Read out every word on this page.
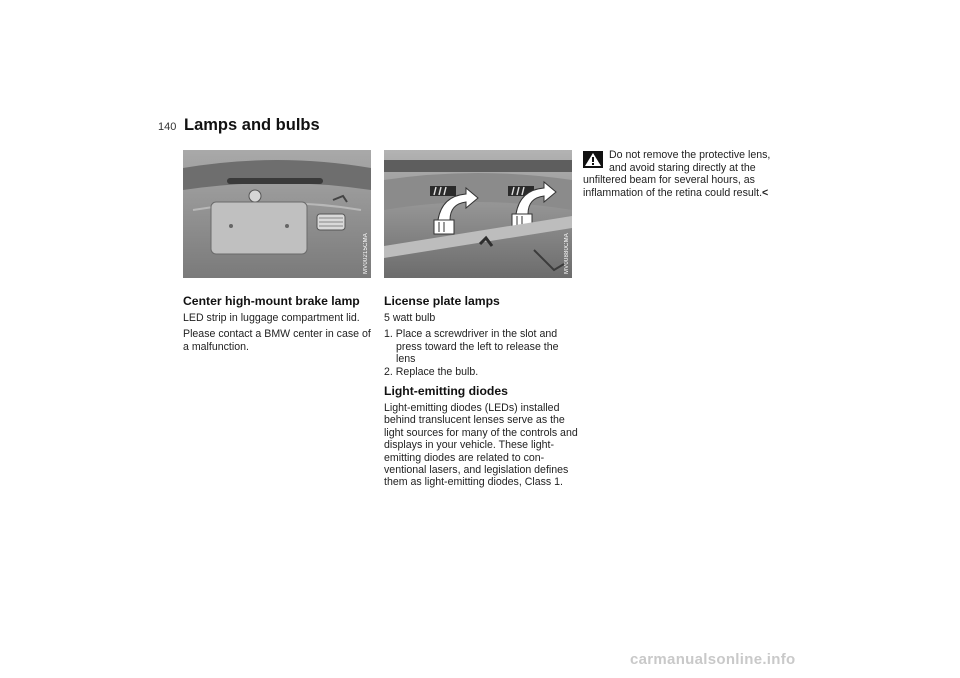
140 Lamps and bulbs
MV00215CMA	MV00880CMA
Center high-mount brake lamp

LED strip in luggage compartment lid.

Please contact a BMW center in case of a malfunction.

License plate lamps

5 watt bulb

1. Place a screwdriver in the slot and press toward the left to release the lens
2. Replace the bulb.
Light-emitting diodes

Light-emitting diodes (LEDs) installed behind translucent lenses serve as the light sources for many of the controls and displays in your vehicle. These light-emitting diodes are related to con-ventional lasers, and legislation defines them as light-emitting diodes, Class 1.

Do not remove the protective lens, and avoid staring directly at the unfiltered beam for several hours, as inflammation of the retina could result.<
carmanualsonline.info
